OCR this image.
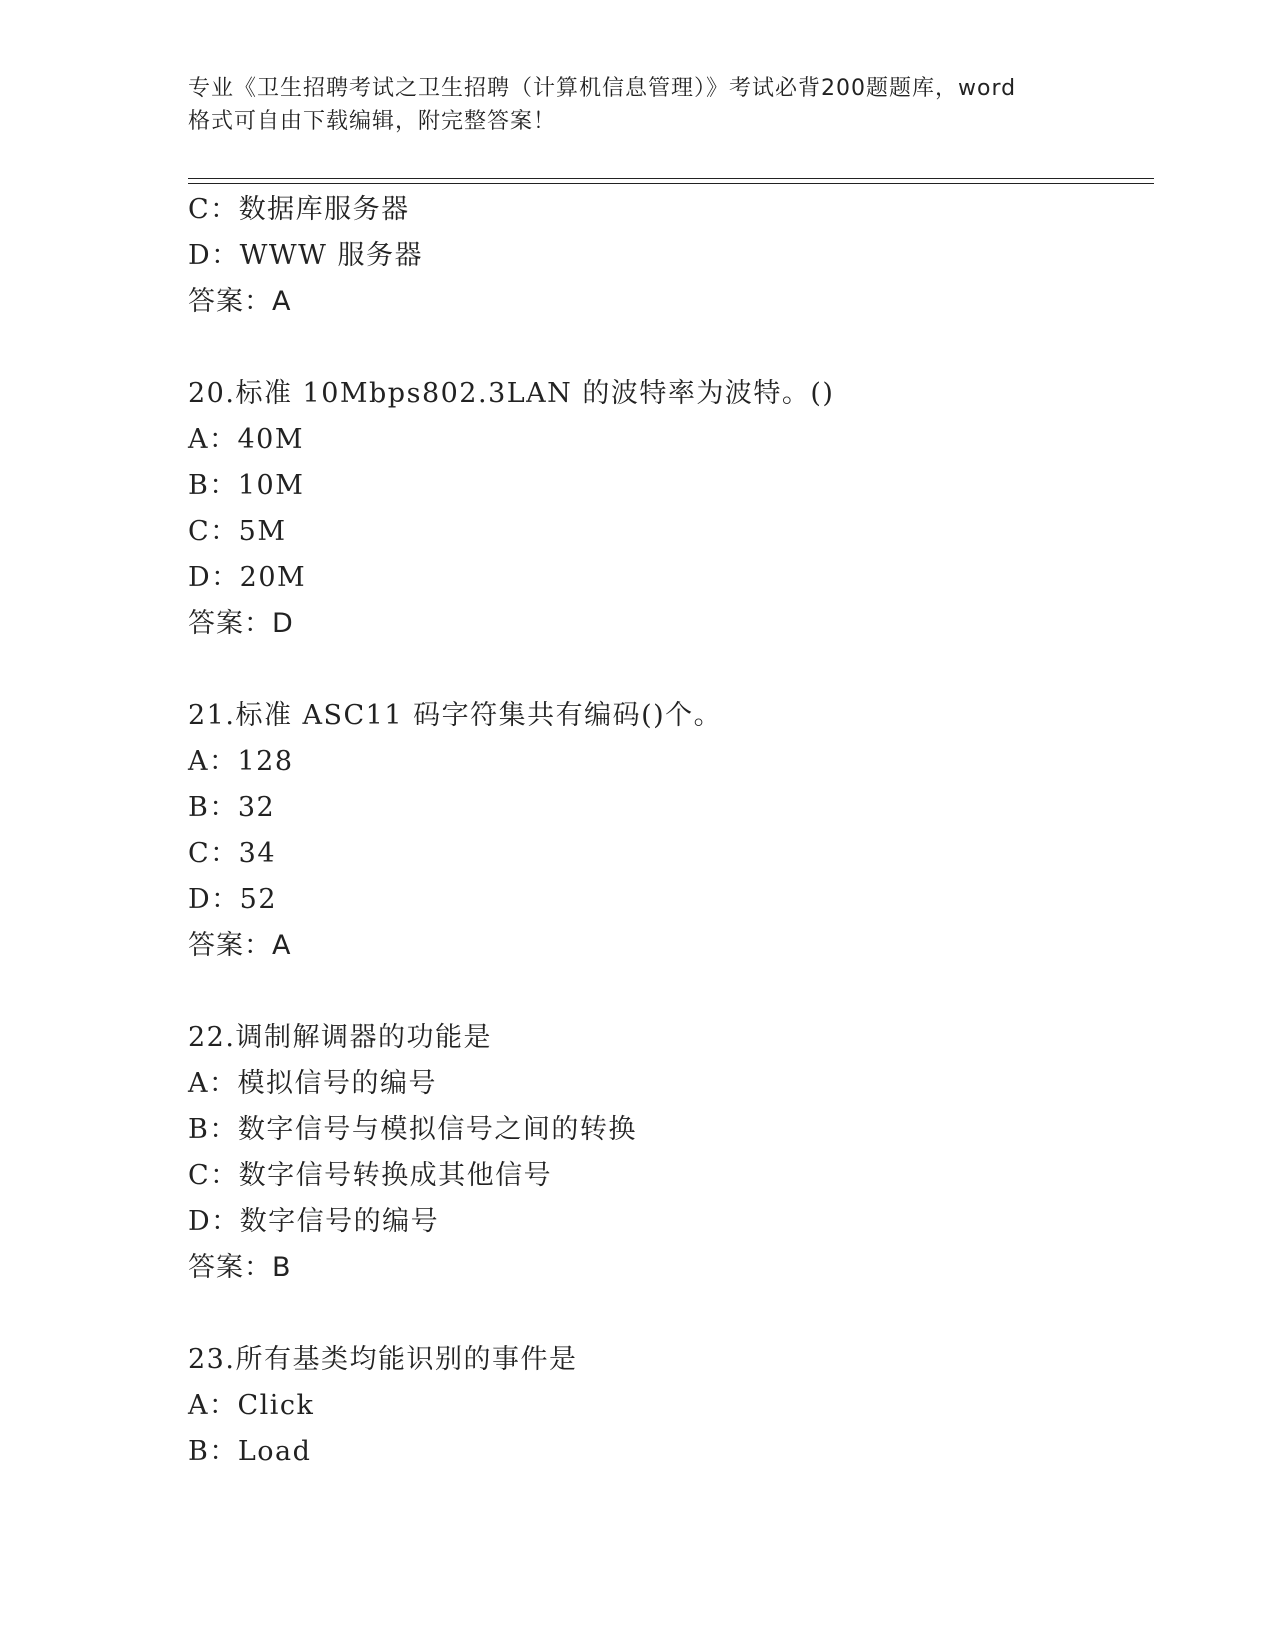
专业《卫生招聘考试之卫生招聘（计算机信息管理）》考试必背200题题库，word
格式可自由下载编辑，附完整答案！
C：数据库服务器
D：WWW 服务器
答案：A
20.标准 10Mbps802.3LAN 的波特率为波特。()
A：40M
B：10M
C：5M
D：20M
答案：D
21.标准 ASC11 码字符集共有编码()个。
A：128
B：32
C：34
D：52
答案：A
22.调制解调器的功能是
A：模拟信号的编号
B：数字信号与模拟信号之间的转换
C：数字信号转换成其他信号
D：数字信号的编号
答案：B
23.所有基类均能识别的事件是
A：Click
B：Load
